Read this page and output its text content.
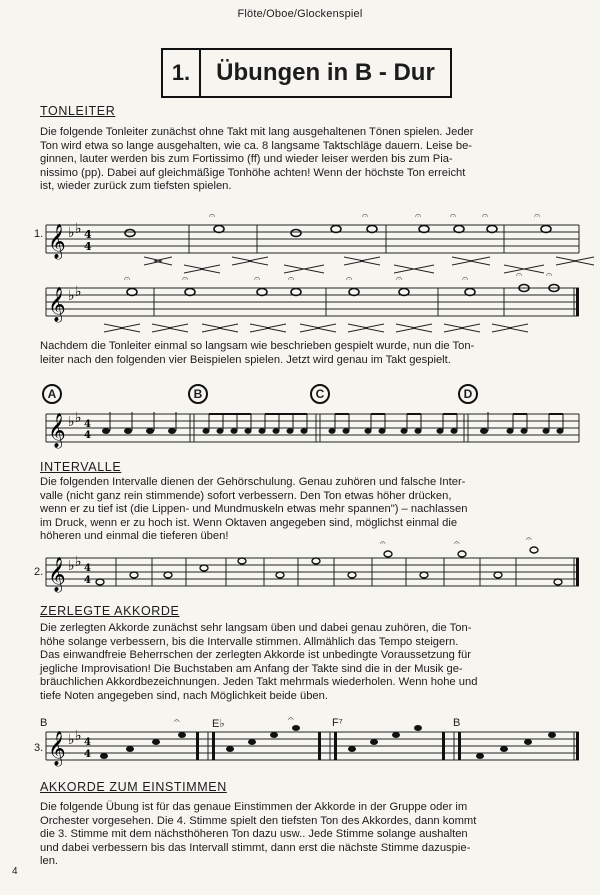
Flöte/Oboe/Glockenspiel
1.	Übungen in B - Dur
TONLEITER
Die folgende Tonleiter zunächst ohne Takt mit lang ausgehaltenen Tönen spielen. Jeder
Ton wird etwa so lange ausgehalten, wie ca. 8 langsame Taktschläge dauern. Leise be-
ginnen, lauter werden bis zum Fortissimo (ff) und wieder leiser werden bis zum Pia-
nissimo (pp). Dabei auf gleichmäßige Tonhöhe achten! Wenn der höchste Ton erreicht
ist, wieder zurück zum tiefsten spielen.
1. 𝄞 ♭ ♭ 4
4
𝄐	𝄐	𝄐	𝄐 𝄐	𝄐
𝄞 ♭ ♭
𝄐	𝄐	𝄐	𝄐	𝄐	𝄐	𝄐	𝄐 𝄐
Nachdem die Tonleiter einmal so langsam wie beschrieben gespielt wurde, nun die Ton-
leiter nach den folgenden vier Beispielen spielen. Jetzt wird genau im Takt gespielt.
A	B	C	D
𝄞 ♭ ♭ 4
4
INTERVALLE
Die folgenden Intervalle dienen der Gehörschulung. Genau zuhören und falsche Inter-
valle (nicht ganz rein stimmende) sofort verbessern. Den Ton etwas höher drücken,
wenn er zu tief ist (die Lippen- und Mundmuskeln etwas mehr spannen") – nachlassen
im Druck, wenn er zu hoch ist. Wenn Oktaven angegeben sind, möglichst einmal die
höheren und einmal die tieferen üben!
2. 𝄞 ♭ ♭ 4
4
𝄐	𝄐	𝄐
ZERLEGTE AKKORDE
Die zerlegten Akkorde zunächst sehr langsam üben und dabei genau zuhören, die Ton-
höhe solange verbessern, bis die Intervalle stimmen. Allmählich das Tempo steigern.
Das einwandfreie Beherrschen der zerlegten Akkorde ist unbedingte Voraussetzung für
jegliche Improvisation! Die Buchstaben am Anfang der Takte sind die in der Musik ge-
bräuchlichen Akkordbezeichnungen. Jeden Takt mehrmals wiederholen. Wenn hohe und
tiefe Noten angegeben sind, nach Möglichkeit beide üben.
B	E♭	F⁷	B
3. 𝄞 ♭ ♭ 4
4
𝄐	𝄐
AKKORDE ZUM EINSTIMMEN
Die folgende Übung ist für das genaue Einstimmen der Akkorde in der Gruppe oder im
Orchester vorgesehen. Die 4. Stimme spielt den tiefsten Ton des Akkordes, dann kommt
die 3. Stimme mit dem nächsthöheren Ton dazu usw.. Jede Stimme solange aushalten
und dabei verbessern bis das Intervall stimmt, dann erst die nächste Stimme dazuspie-
len.
4
